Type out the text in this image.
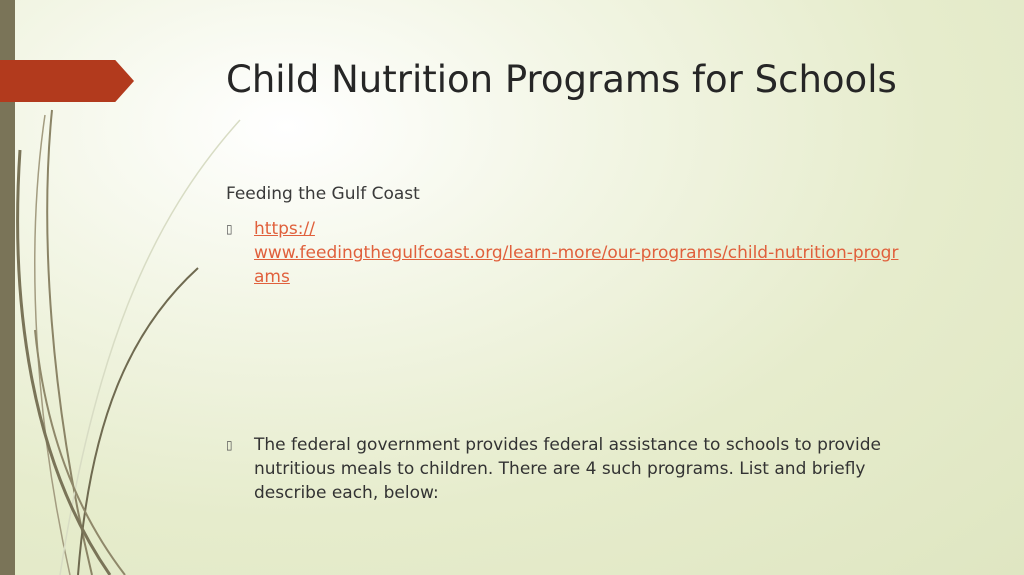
Child Nutrition Programs for Schools
Feeding the Gulf Coast
▯	https://
www.feedingthegulfcoast.org/learn-more/our-programs/child-nutrition-progr
ams
▯	The federal government provides federal assistance to schools to provide nutritious meals to children. There are 4 such programs. List and briefly describe each, below:
